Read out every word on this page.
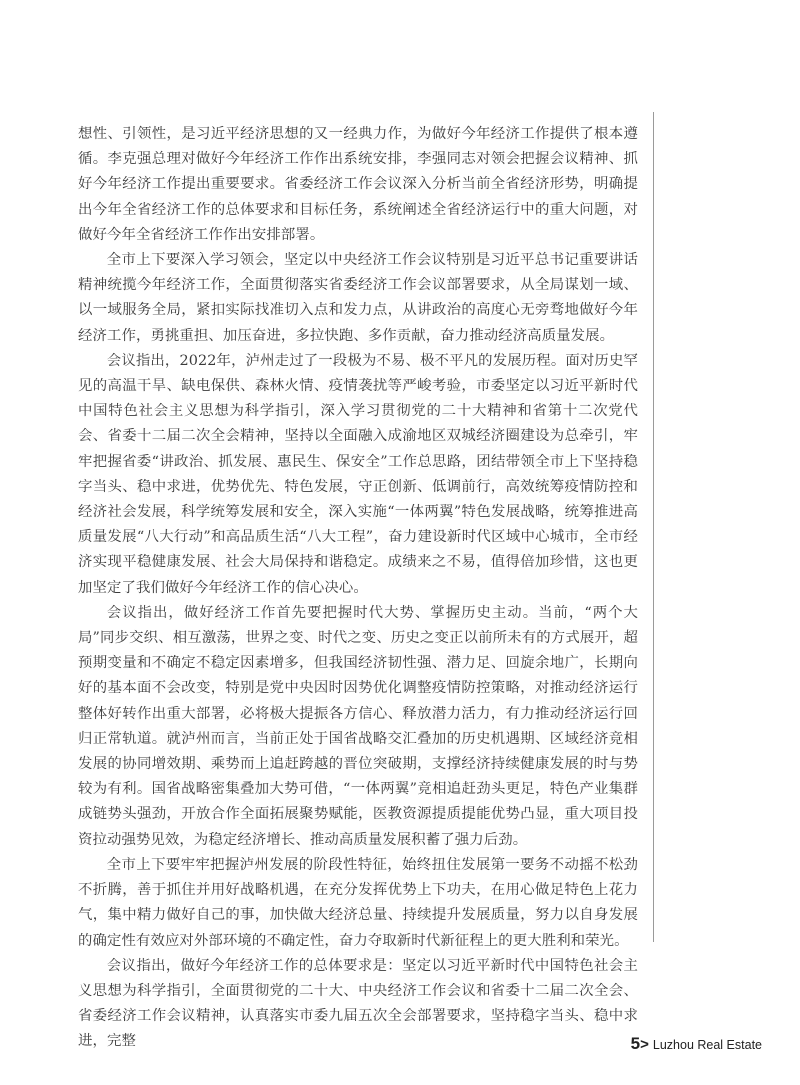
想性、引领性，是习近平经济思想的又一经典力作，为做好今年经济工作提供了根本遵循。李克强总理对做好今年经济工作作出系统安排，李强同志对领会把握会议精神、抓好今年经济工作提出重要要求。省委经济工作会议深入分析当前全省经济形势，明确提出今年全省经济工作的总体要求和目标任务，系统阐述全省经济运行中的重大问题，对做好今年全省经济工作作出安排部署。

全市上下要深入学习领会，坚定以中央经济工作会议特别是习近平总书记重要讲话精神统揽今年经济工作，全面贯彻落实省委经济工作会议部署要求，从全局谋划一域、以一域服务全局，紧扣实际找准切入点和发力点，从讲政治的高度心无旁骛地做好今年经济工作，勇挑重担、加压奋进，多拉快跑、多作贡献，奋力推动经济高质量发展。

会议指出，2022年，泸州走过了一段极为不易、极不平凡的发展历程。面对历史罕见的高温干旱、缺电保供、森林火情、疫情袭扰等严峻考验，市委坚定以习近平新时代中国特色社会主义思想为科学指引，深入学习贯彻党的二十大精神和省第十二次党代会、省委十二届二次全会精神，坚持以全面融入成渝地区双城经济圈建设为总牵引，牢牢把握省委“讲政治、抓发展、惠民生、保安全”工作总思路，团结带领全市上下坚持稳字当头、稳中求进，优势优先、特色发展，守正创新、低调前行，高效统筹疫情防控和经济社会发展，科学统筹发展和安全，深入实施“一体两翼”特色发展战略，统筹推进高质量发展“八大行动”和高品质生活“八大工程”，奋力建设新时代区域中心城市，全市经济实现平稳健康发展、社会大局保持和谐稳定。成绩来之不易，值得倍加珍惜，这也更加坚定了我们做好今年经济工作的信心决心。

会议指出，做好经济工作首先要把握时代大势、掌握历史主动。当前，“两个大局”同步交织、相互激荡，世界之变、时代之变、历史之变正以前所未有的方式展开，超预期变量和不确定不稳定因素增多，但我国经济韧性强、潜力足、回旋余地广，长期向好的基本面不会改变，特别是党中央因时因势优化调整疫情防控策略，对推动经济运行整体好转作出重大部署，必将极大提振各方信心、释放潜力活力，有力推动经济运行回归正常轨道。就泸州而言，当前正处于国省战略交汇叠加的历史机遇期、区域经济竞相发展的协同增效期、乘势而上追赶跨越的晋位突破期，支撑经济持续健康发展的时与势较为有利。国省战略密集叠加大势可借，“一体两翼”竞相追赶劲头更足，特色产业集群成链势头强劲，开放合作全面拓展聚势赋能，医教资源提质提能优势凸显，重大项目投资拉动强势见效，为稳定经济增长、推动高质量发展积蓄了强力后劲。

全市上下要牢牢把握泸州发展的阶段性特征，始终扭住发展第一要务不动摇不松劲不折腾，善于抓住并用好战略机遇，在充分发挥优势上下功夫，在用心做足特色上花力气，集中精力做好自己的事，加快做大经济总量、持续提升发展质量，努力以自身发展的确定性有效应对外部环境的不确定性，奋力夺取新时代新征程上的更大胜利和荣光。

会议指出，做好今年经济工作的总体要求是：坚定以习近平新时代中国特色社会主义思想为科学指引，全面贯彻党的二十大、中央经济工作会议和省委十二届二次全会、省委经济工作会议精神，认真落实市委九届五次全会部署要求，坚持稳字当头、稳中求进，完整	5 > Luzhou Real Estate
